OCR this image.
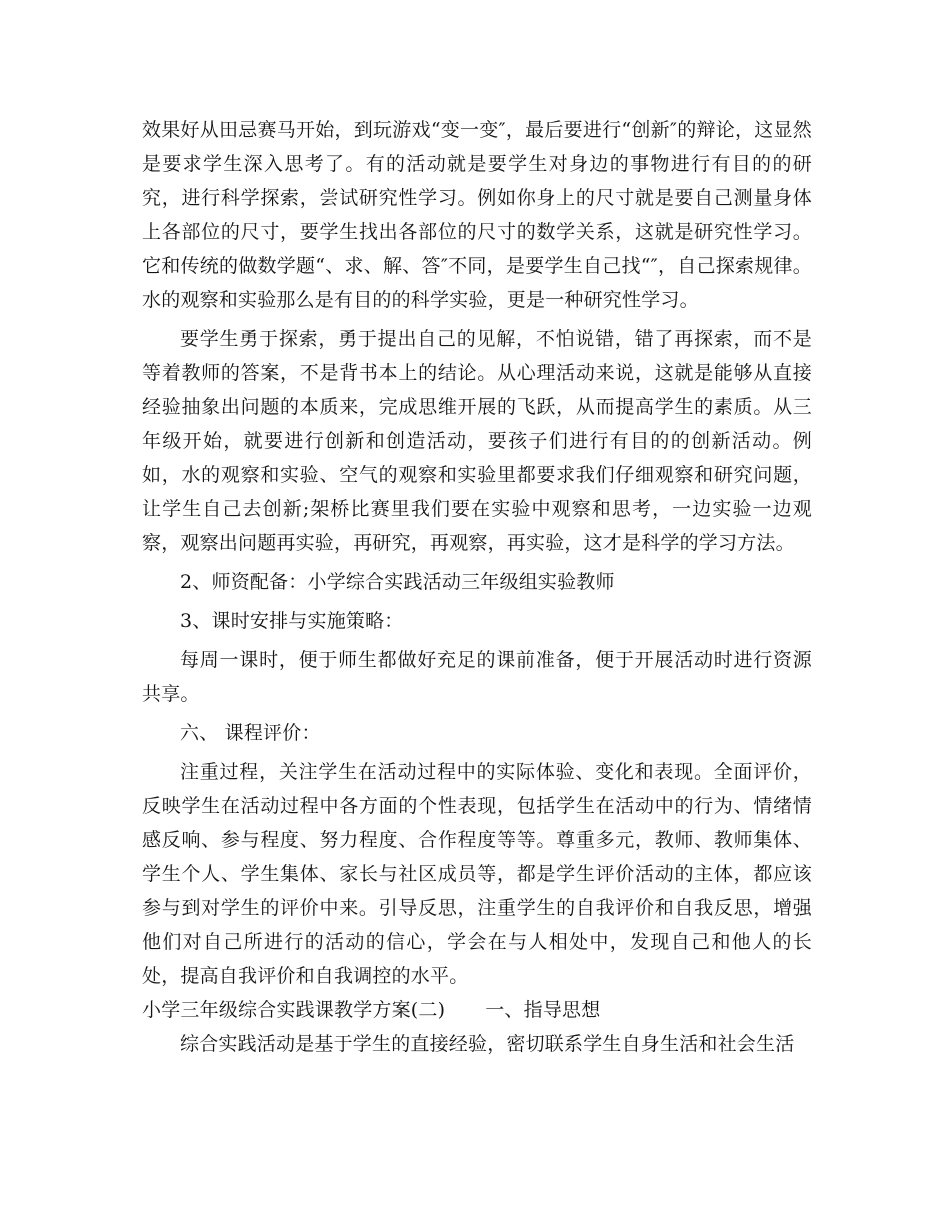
效果好从田忌赛马开始，到玩游戏“变一变″，最后要进行“创新″的辩论，这显然是要求学生深入思考了。有的活动就是要学生对身边的事物进行有目的的研究，进行科学探索，尝试研究性学习。例如你身上的尺寸就是要自己测量身体上各部位的尺寸，要学生找出各部位的尺寸的数学关系，这就是研究性学习。它和传统的做数学题“、求、解、答″不同，是要学生自己找“″，自己探索规律。水的观察和实验那么是有目的的科学实验，更是一种研究性学习。

要学生勇于探索，勇于提出自己的见解，不怕说错，错了再探索，而不是等着教师的答案，不是背书本上的结论。从心理活动来说，这就是能够从直接经验抽象出问题的本质来，完成思维开展的飞跃，从而提高学生的素质。从三年级开始，就要进行创新和创造活动，要孩子们进行有目的的创新活动。例如，水的观察和实验、空气的观察和实验里都要求我们仔细观察和研究问题，让学生自己去创新;架桥比赛里我们要在实验中观察和思考，一边实验一边观察，观察出问题再实验，再研究，再观察，再实验，这才是科学的学习方法。

2、师资配备：小学综合实践活动三年级组实验教师

3、课时安排与实施策略：

每周一课时，便于师生都做好充足的课前准备，便于开展活动时进行资源共享。

六、 课程评价：

注重过程，关注学生在活动过程中的实际体验、变化和表现。全面评价，反映学生在活动过程中各方面的个性表现，包括学生在活动中的行为、情绪情感反响、参与程度、努力程度、合作程度等等。尊重多元，教师、教师集体、学生个人、学生集体、家长与社区成员等，都是学生评价活动的主体，都应该参与到对学生的评价中来。引导反思，注重学生的自我评价和自我反思，增强他们对自己所进行的活动的信心，学会在与人相处中，发现自己和他人的长处，提高自我评价和自我调控的水平。

小学三年级综合实践课教学方案(二) 一、指导思想

综合实践活动是基于学生的直接经验，密切联系学生自身生活和社会生活
